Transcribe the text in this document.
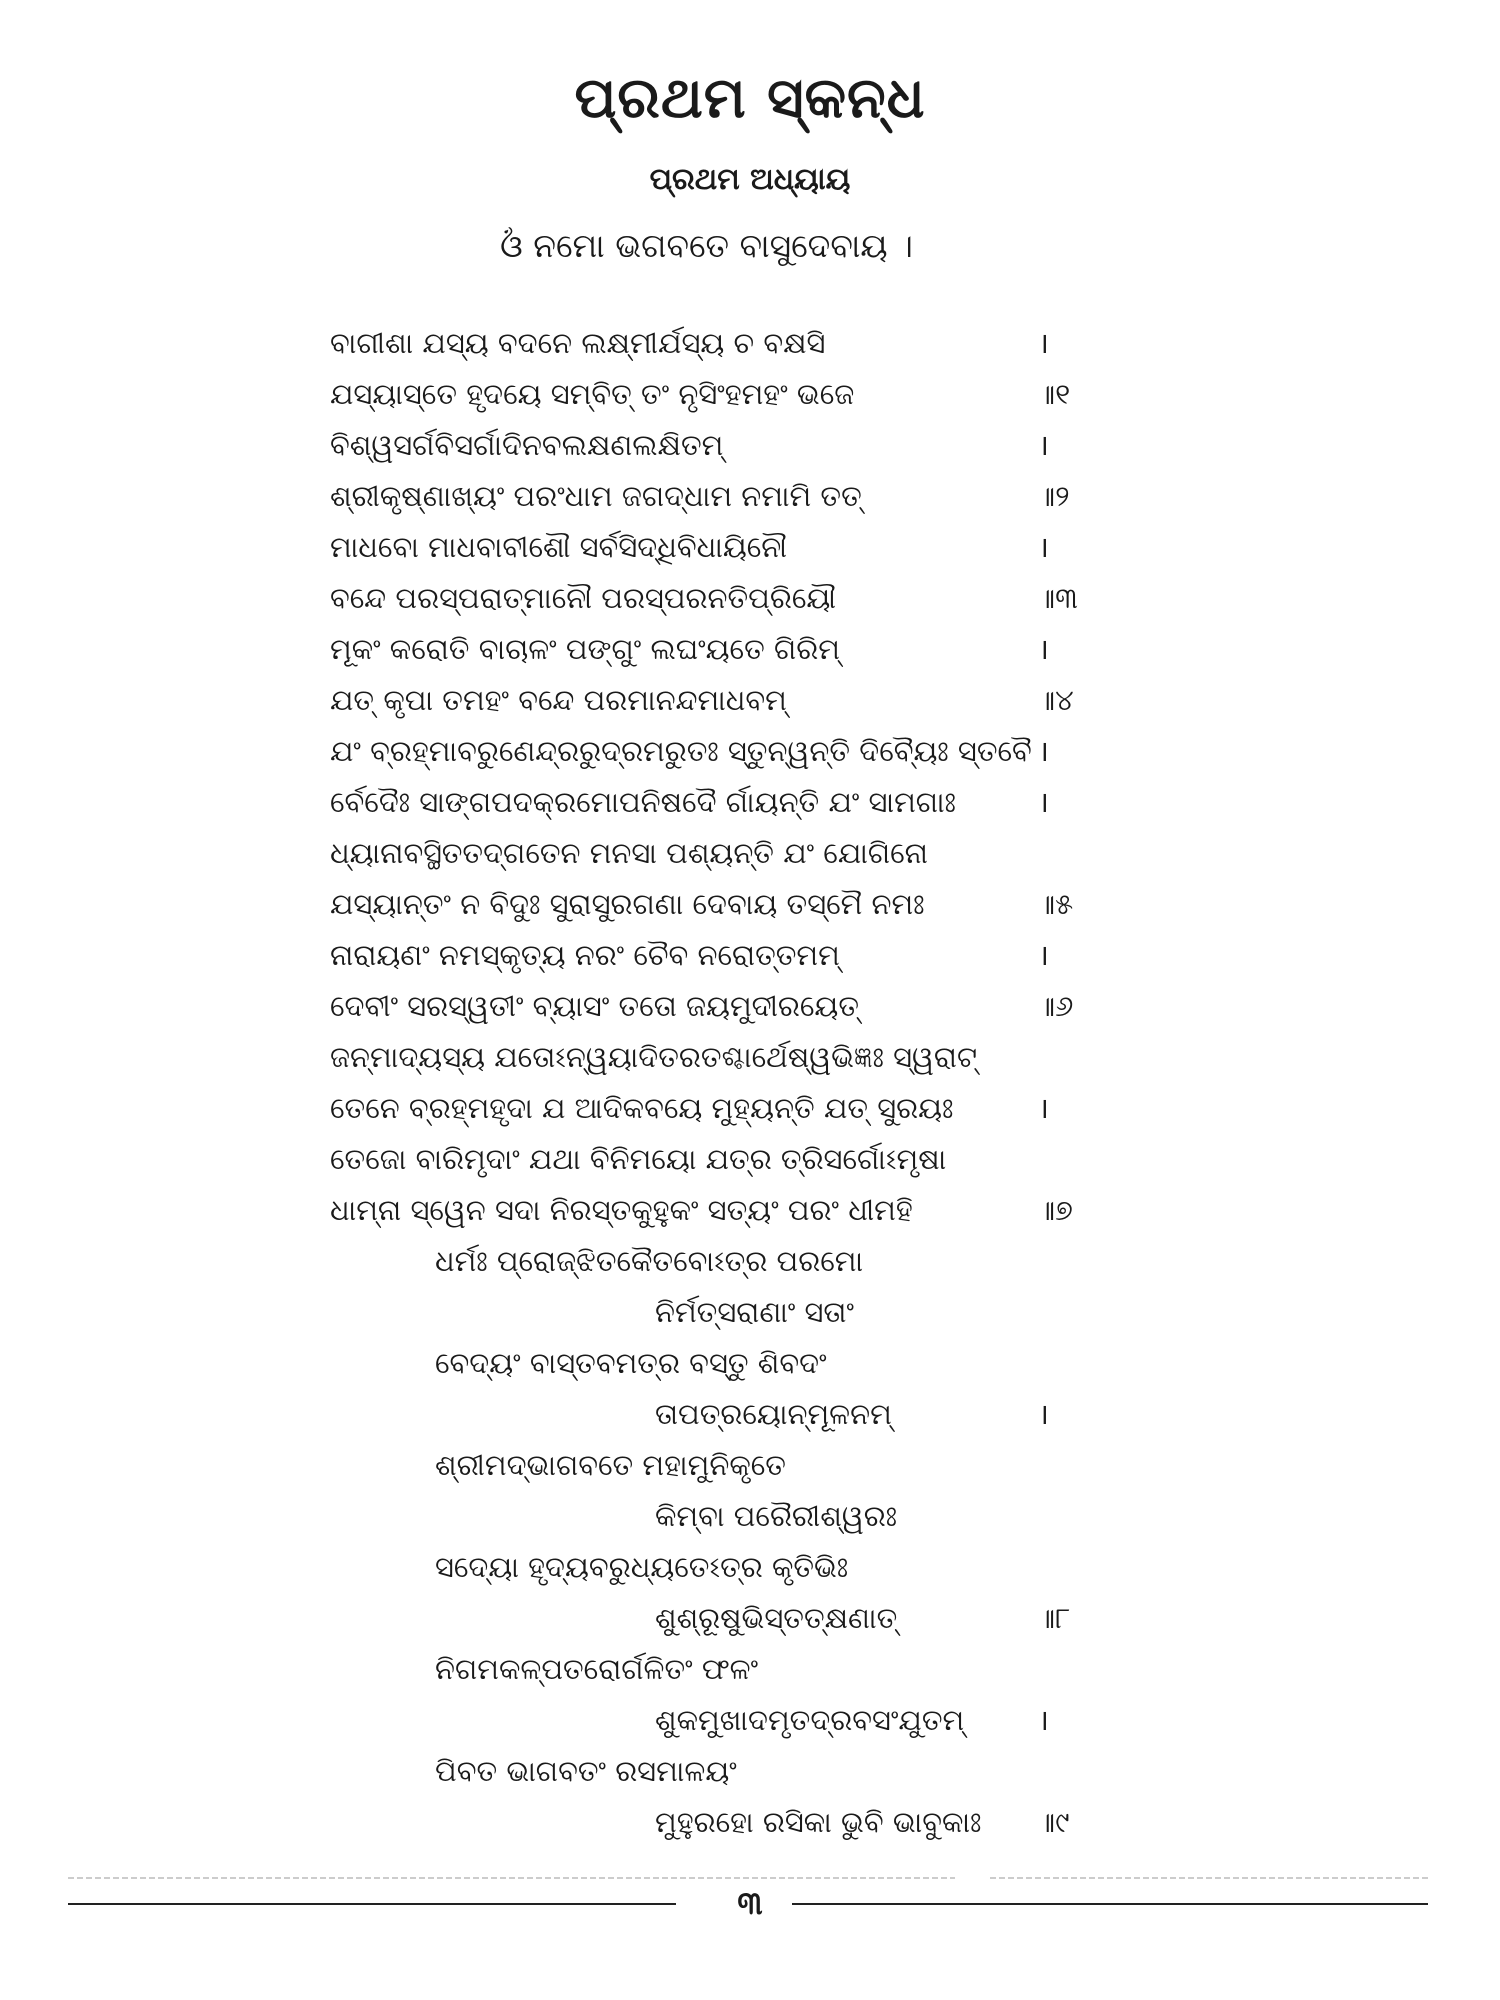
ପ୍ରଥମ ସ୍କନ୍ଧ
ପ୍ରଥମ ଅଧ୍ୟାୟ
ଓଁ ନମୋ ଭଗବତେ ବାସୁଦେବାୟ ।
ବାଗୀଶା ଯସ୍ୟ ବଦନେ ଲକ୍ଷ୍ମୀର୍ଯସ୍ୟ ଚ ବକ୍ଷସି	।
ଯସ୍ୟାସ୍ତେ ହୃଦୟେ ସମ୍ବିତ୍ ତଂ ନୃସିଂହମହଂ ଭଜେ	॥୧
ବିଶ୍ୱସର୍ଗବିସର୍ଗାଦିନବଲକ୍ଷଣଲକ୍ଷିତମ୍	।
ଶ୍ରୀକୃଷ୍ଣାଖ୍ୟଂ ପରଂଧାମ ଜଗଦ୍ଧାମ ନମାମି ତତ୍	॥୨
ମାଧବୋ ମାଧବାବୀଶୌ ସର୍ବସିଦ୍ଧିବିଧାୟିନୌ	।
ବନ୍ଦେ ପରସ୍ପରାତ୍ମାନୌ ପରସ୍ପରନତିପ୍ରିୟୌ	॥୩
ମୂକଂ କରୋତି ବାଚାଳଂ ପଙ୍ଗୁଂ ଲଘଂୟତେ ଗିରିମ୍	।
ଯତ୍ କୃପା ତମହଂ ବନ୍ଦେ ପରମାନନ୍ଦମାଧବମ୍	॥୪
ଯଂ ବ୍ରହ୍ମାବରୁଣେନ୍ଦ୍ରରୁଦ୍ରମରୁତଃ ସ୍ତୁନ୍ୱନ୍ତି ଦିବ୍ୟୈଃ ସ୍ତବୈ ।
ର୍ବେଦୈଃ ସାଙ୍ଗପଦକ୍ରମୋପନିଷଦୈ ର୍ଗାୟନ୍ତି ଯଂ ସାମଗାଃ	।
ଧ୍ୟାନାବସ୍ଥିତତଦ୍‌ଗତେନ ମନସା ପଶ୍ୟନ୍ତି ଯଂ ଯୋଗିନୋ
ଯସ୍ୟାନ୍ତଂ ନ ବିଦୁଃ ସୁରାସୁରଗଣା ଦେବାୟ ତସ୍ମୈ ନମଃ	॥୫
ନାରାୟଣଂ ନମସ୍କୃତ୍ୟ ନରଂ ଚୈବ ନରୋତ୍ତମମ୍	।
ଦେବୀଂ ସରସ୍ୱତୀଂ ବ୍ୟାସଂ ତତୋ ଜୟମୁଦୀରୟେତ୍	॥୬
ଜନ୍ମାଦ୍ୟସ୍ୟ ଯତୋଽନ୍ୱୟାଦିତରତଶ୍ଚାର୍ଥେଷ୍ୱଭିଜ୍ଞଃ ସ୍ୱରାଟ୍
ତେନେ ବ୍ରହ୍ମହୃଦା ଯ ଆଦିକବୟେ ମୁହ୍ୟନ୍ତି ଯତ୍ ସୁରୟଃ	।
ତେଜୋ ବାରିମୃଦାଂ ଯଥା ବିନିମୟୋ ଯତ୍ର ତ୍ରିସର୍ଗୋଽମୃଷା
ଧାମ୍ନା ସ୍ୱେନ ସଦା ନିରସ୍ତକୁହୁକଂ ସତ୍ୟଂ ପରଂ ଧୀମହି	॥୭
ଧର୍ମଃ ପ୍ରୋଜ୍ଝିତକୈତବୋଽତ୍ର ପରମୋ
ନିର୍ମତ୍ସରାଣାଂ ସତାଂ
ବେଦ୍ୟଂ ବାସ୍ତବମତ୍ର ବସ୍ତୁ ଶିବଦଂ
ତାପତ୍ରୟୋନ୍ମୂଳନମ୍	।
ଶ୍ରୀମଦ୍‌ଭାଗବତେ ମହାମୁନିକୃତେ
କିମ୍ବା ପରୈରୀଶ୍ୱରଃ
ସଦ୍ୟୋ ହୃଦ୍ୟବରୁଧ୍ୟତେଽତ୍ର କୃତିଭିଃ
ଶୁଶ୍ରୂଷୁଭିସ୍ତତ୍‌କ୍ଷଣାତ୍	॥୮
ନିଗମକଳ୍ପତରୋର୍ଗଳିତଂ ଫଳଂ
ଶୁକମୁଖାଦମୃତଦ୍ରବସଂଯୁତମ୍	।
ପିବତ ଭାଗବତଂ ରସମାଳୟଂ
ମୁହୁରହୋ ରସିକା ଭୁବି ଭାବୁକାଃ ॥୯
୩
